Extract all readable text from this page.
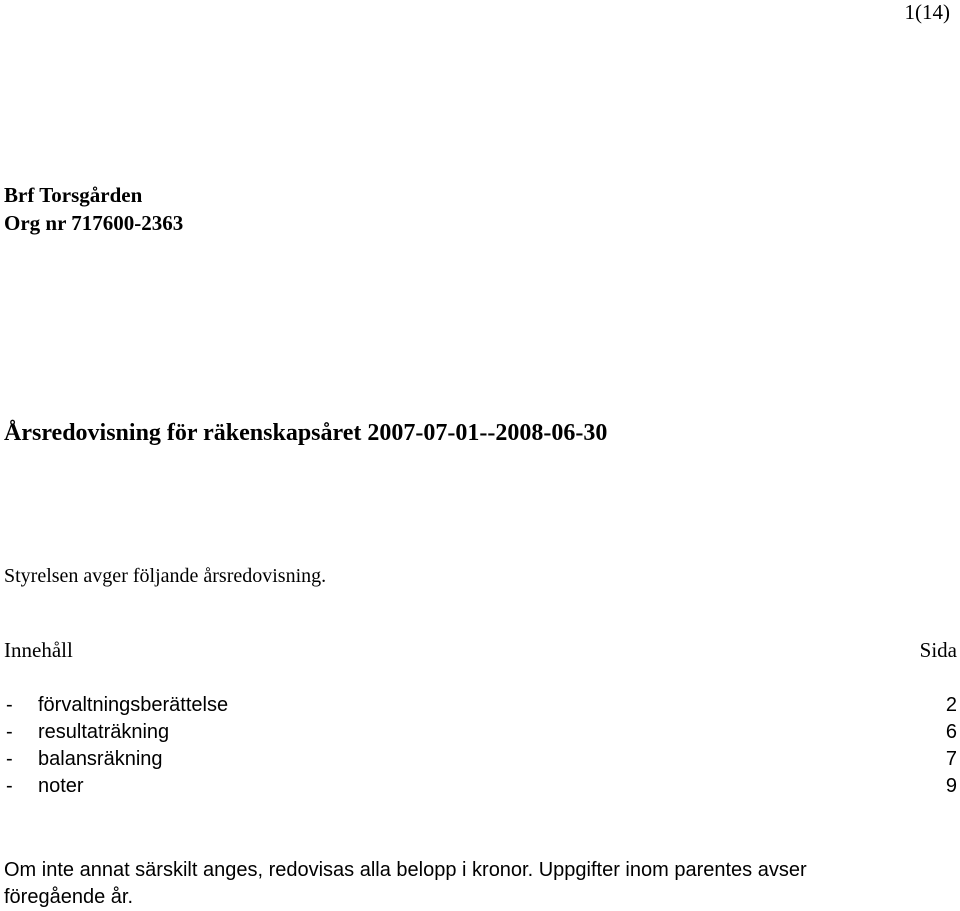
1(14)
Brf Torsgården
Org nr 717600-2363
Årsredovisning för räkenskapsåret 2007-07-01--2008-06-30
Styrelsen avger följande årsredovisning.
Innehåll	Sida
- förvaltningsberättelse	2
- resultaträkning	6
- balansräkning	7
- noter	9

Om inte annat särskilt anges, redovisas alla belopp i kronor. Uppgifter inom parentes avser föregående år.
